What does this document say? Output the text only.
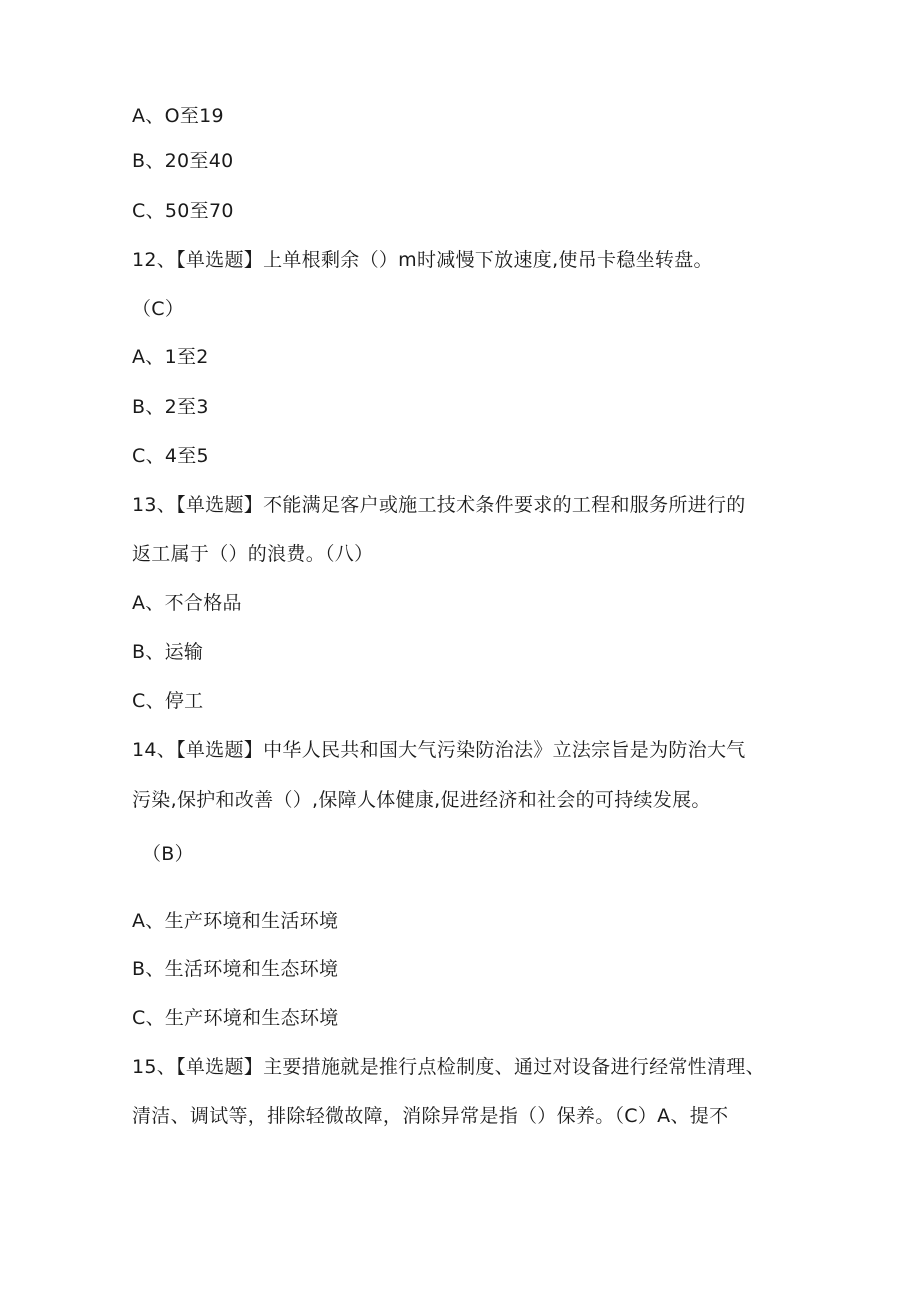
A、O至19
B、20至40
C、50至70
12、【单选题】上单根剩余（）m时减慢下放速度,使吊卡稳坐转盘。
（C）
A、1至2
B、2至3
C、4至5
13、【单选题】不能满足客户或施工技术条件要求的工程和服务所进行的
返工属于（）的浪费。（八）
A、不合格品
B、运输
C、停工
14、【单选题】中华人民共和国大气污染防治法》立法宗旨是为防治大气
污染,保护和改善（）,保障人体健康,促进经济和社会的可持续发展。
（B）
A、生产环境和生活环境
B、生活环境和生态环境
C、生产环境和生态环境
15、【单选题】主要措施就是推行点检制度、通过对设备进行经常性清理、
清洁、调试等，排除轻微故障，消除异常是指（）保养。（C）A、提不
